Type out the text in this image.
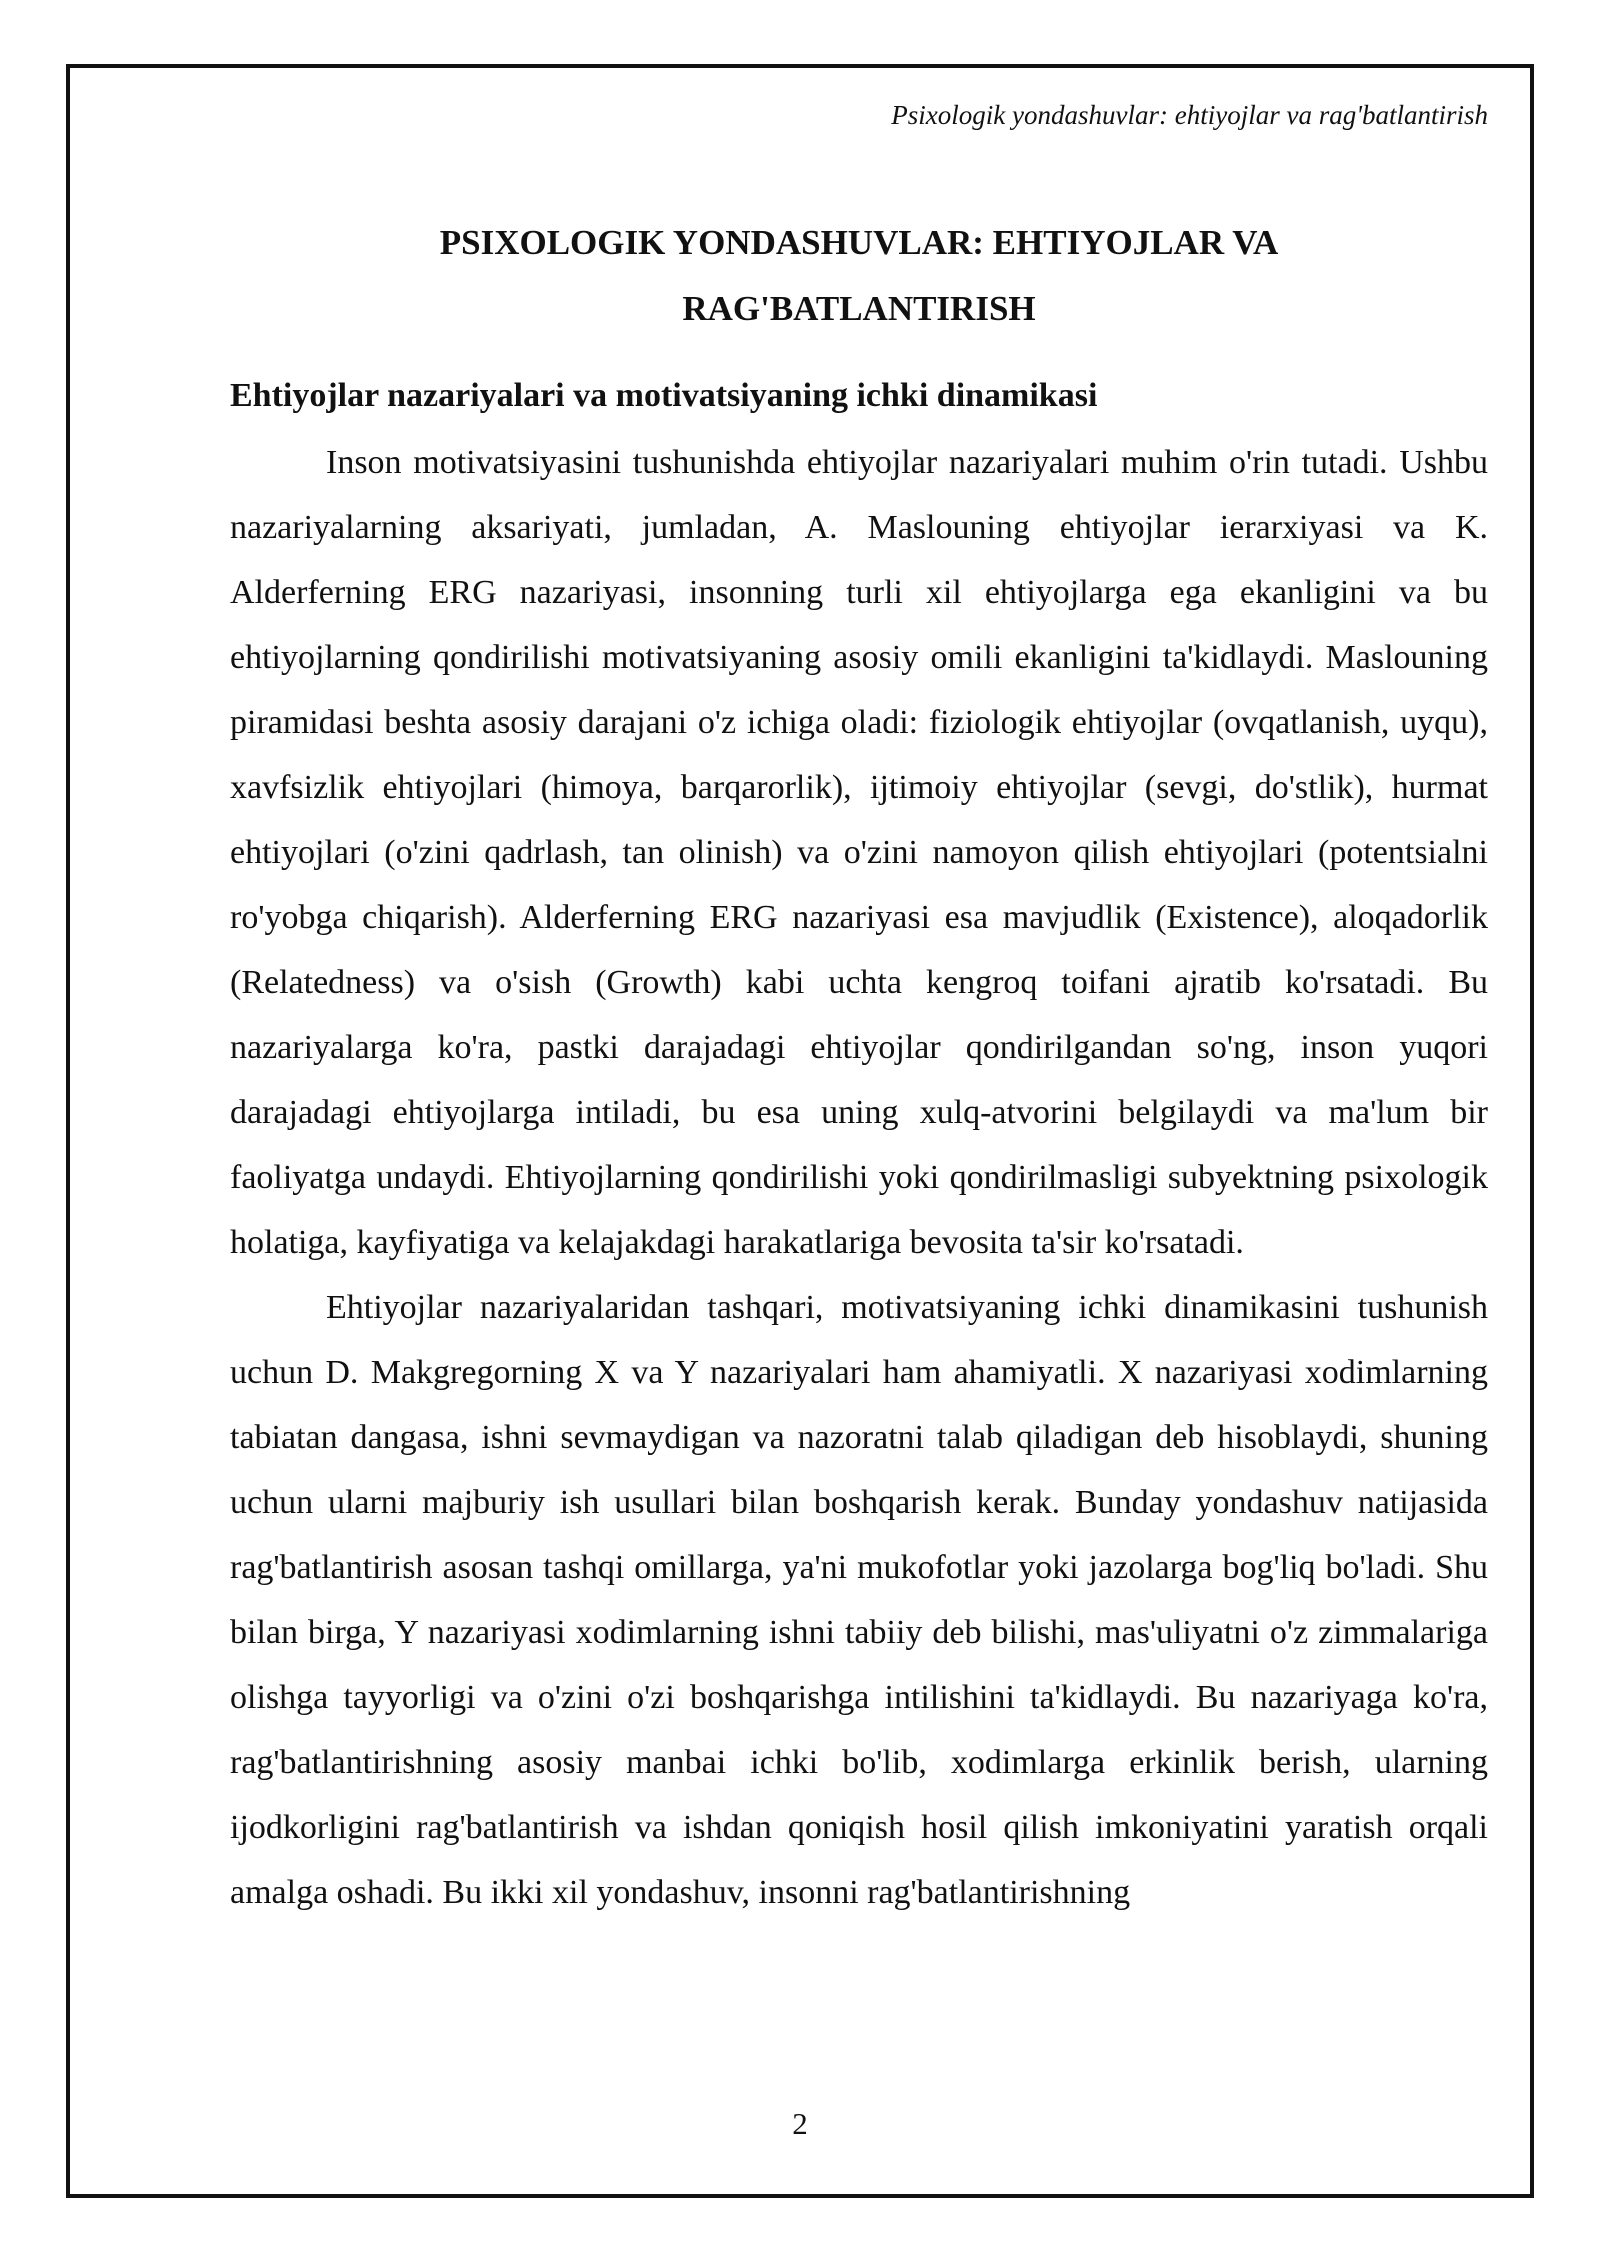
Psixologik yondashuvlar: ehtiyojlar va rag'batlantirish
PSIXOLOGIK YONDASHUVLAR: EHTIYOJLAR VA
RAG'BATLANTIRISH
Ehtiyojlar nazariyalari va motivatsiyaning ichki dinamikasi

Inson motivatsiyasini tushunishda ehtiyojlar nazariyalari muhim o'rin tutadi. Ushbu nazariyalarning aksariyati, jumladan, A. Maslouning ehtiyojlar ierarxiyasi va K. Alderferning ERG nazariyasi, insonning turli xil ehtiyojlarga ega ekanligini va bu ehtiyojlarning qondirilishi motivatsiyaning asosiy omili ekanligini ta'kidlaydi. Maslouning piramidasi beshta asosiy darajani o'z ichiga oladi: fiziologik ehtiyojlar (ovqatlanish, uyqu), xavfsizlik ehtiyojlari (himoya, barqarorlik), ijtimoiy ehtiyojlar (sevgi, do'stlik), hurmat ehtiyojlari (o'zini qadrlash, tan olinish) va o'zini namoyon qilish ehtiyojlari (potentsialni ro'yobga chiqarish). Alderferning ERG nazariyasi esa mavjudlik (Existence), aloqadorlik (Relatedness) va o'sish (Growth) kabi uchta kengroq toifani ajratib ko'rsatadi. Bu nazariyalarga ko'ra, pastki darajadagi ehtiyojlar qondirilgandan so'ng, inson yuqori darajadagi ehtiyojlarga intiladi, bu esa uning xulq-atvorini belgilaydi va ma'lum bir faoliyatga undaydi. Ehtiyojlarning qondirilishi yoki qondirilmasligi subyektning psixologik holatiga, kayfiyatiga va kelajakdagi harakatlariga bevosita ta'sir ko'rsatadi.

Ehtiyojlar nazariyalaridan tashqari, motivatsiyaning ichki dinamikasini tushunish uchun D. Makgregorning X va Y nazariyalari ham ahamiyatli. X nazariyasi xodimlarning tabiatan dangasa, ishni sevmaydigan va nazoratni talab qiladigan deb hisoblaydi, shuning uchun ularni majburiy ish usullari bilan boshqarish kerak. Bunday yondashuv natijasida rag'batlantirish asosan tashqi omillarga, ya'ni mukofotlar yoki jazolarga bog'liq bo'ladi. Shu bilan birga, Y nazariyasi xodimlarning ishni tabiiy deb bilishi, mas'uliyatni o'z zimmalariga olishga tayyorligi va o'zini o'zi boshqarishga intilishini ta'kidlaydi. Bu nazariyaga ko'ra, rag'batlantirishning asosiy manbai ichki bo'lib, xodimlarga erkinlik berish, ularning ijodkorligini rag'batlantirish va ishdan qoniqish hosil qilish imkoniyatini yaratish orqali amalga oshadi. Bu ikki xil yondashuv, insonni rag'batlantirishning

2
